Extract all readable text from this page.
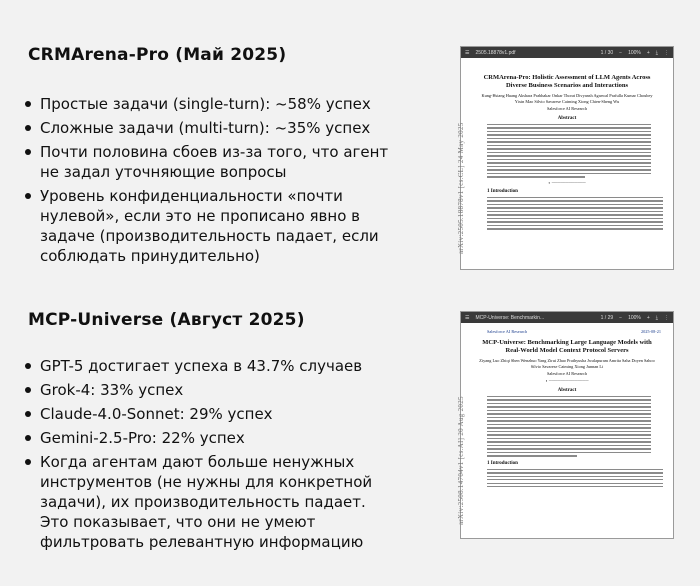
CRMArena-Pro (Май 2025)
Простые задачи (single-turn): ~58% успех
Сложные задачи (multi-turn): ~35% успех
Почти половина сбоев из-за того, что агент не задал уточняющие вопросы
Уровень конфиденциальности «почти нулевой», если это не прописано явно в задаче (производительность падает, если соблюдать принудительно)
☰ 2505.18878v1.pdf	1 / 30 − 100% + ⤓ ⋮
arXiv:2505.18878v1 [cs.CL] 24 May 2025
CRMArena-Pro: Holistic Assessment of LLM Agents Across Diverse Business Scenarios and Interactions
Kung-Hsiang Huang Akshara Prabhakar Onkar Thorat Divyansh Agarwal Prafulla Kumar Choubey Yixin Mao Silvio Savarese Caiming Xiong Chien-Sheng Wu
Salesforce AI Research
Abstract
◐ ────────────
1 Introduction
MCP-Universe (Август 2025)
GPT-5 достигает успеха в 43.7% случаев
Grok-4: 33% успех
Claude-4.0-Sonnet: 29% успех
Gemini-2.5-Pro: 22% успех
Когда агентам дают больше ненужных инструментов (не нужны для конкретной задачи), их производительность падает. Это показывает, что они не умеют фильтровать релевантную информацию
☰ MCP-Universe: Benchmarkin...	1 / 29 − 100% + ⤓ ⋮
arXiv:2508.14704v1 [cs.AI] 20 Aug 2025
Salesforce AI Research	2025-08-21
MCP-Universe: Benchmarking Large Language Models with Real-World Model Context Protocol Servers
Ziyang Luo Zhiqi Shen Wenzhuo Yang Zirui Zhao Prathyusha Jwalapuram Amrita Saha Doyen Sahoo Silvio Savarese Caiming Xiong Junnan Li
Salesforce AI Research
◐ ──────────────
Abstract
1 Introduction
